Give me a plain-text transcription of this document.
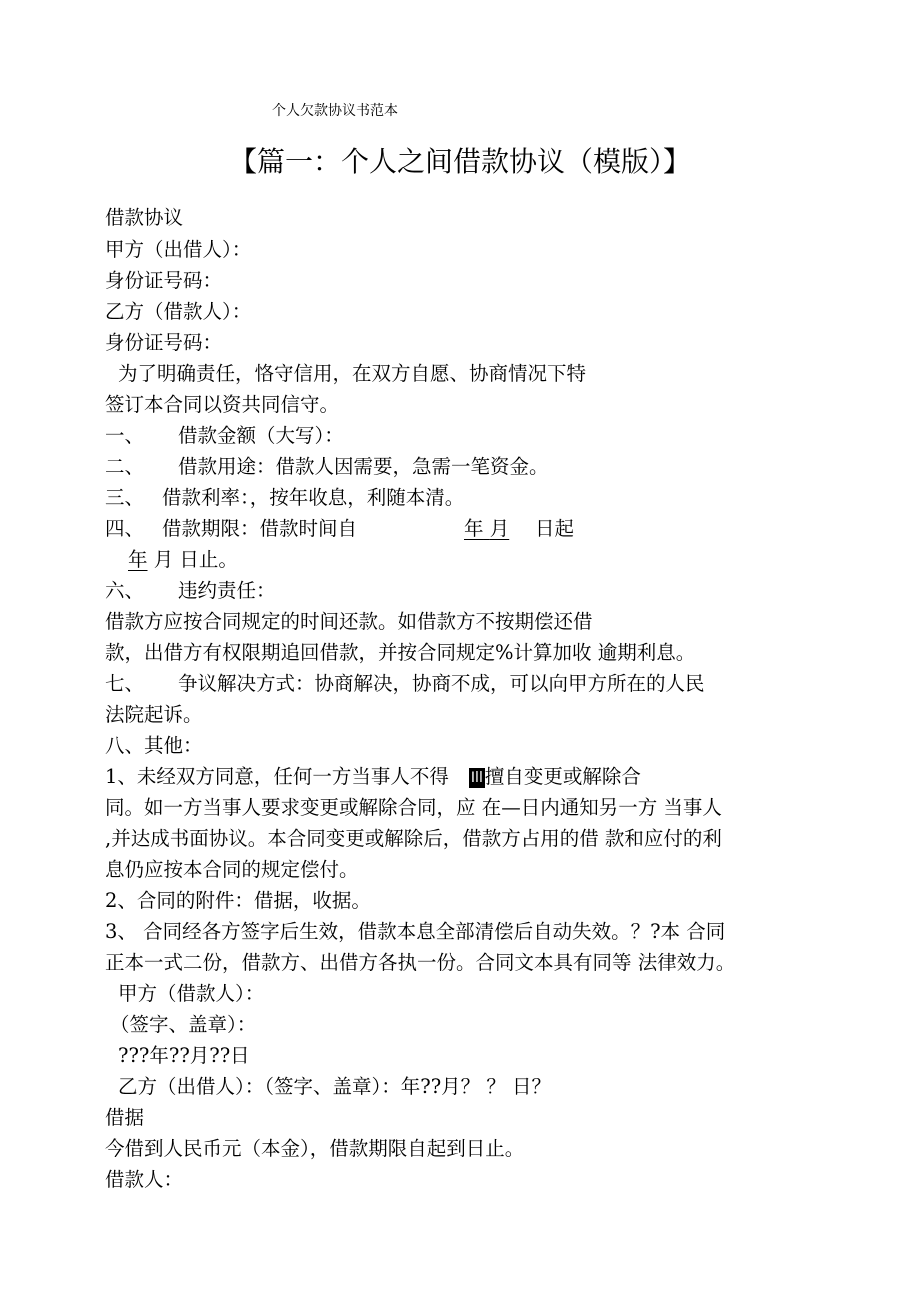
个人欠款协议书范本
【篇一：个人之间借款协议（模版）】
借款协议
甲方（出借人）：
身份证号码：
乙方（借款人）：
身份证号码：
为了明确责任，恪守信用，在双方自愿、协商情况下特
签订本合同以资共同信守。
一、 借款金额（大写）：
二、 借款用途：借款人因需要，急需一笔资金。
三、 借款利率：，按年收息，利随本清。
四、 借款期限：借款时间自	年 月 日起
年 月 日止。
六、 违约责任：
借款方应按合同规定的时间还款。如借款方不按期偿还借
款，出借方有权限期追回借款，并按合同规定%计算加收 逾期利息。
七、 争议解决方式：协商解决，协商不成，可以向甲方所在的人民
法院起诉。
八、其他：
1、未经双方同意，任何一方当事人不得 Ill 擅自变更或解除合
同。如一方当事人要求变更或解除合同，应 在—日内通知另一方 当事人
,并达成书面协议。本合同变更或解除后，借款方占用的借 款和应付的利
息仍应按本合同的规定偿付。
2、合同的附件：借据，收据。
3、 合同经各方签字后生效，借款本息全部清偿后自动失效。？?本 合同
正本一式二份，借款方、出借方各执一份。合同文本具有同等 法律效力。
甲方（借款人）：
（签字、盖章）：
???年??月??日
乙方（出借人）：（签字、盖章）：年??月？ ？ 日？
借据
今借到人民币元（本金），借款期限自起到日止。
借款人：
